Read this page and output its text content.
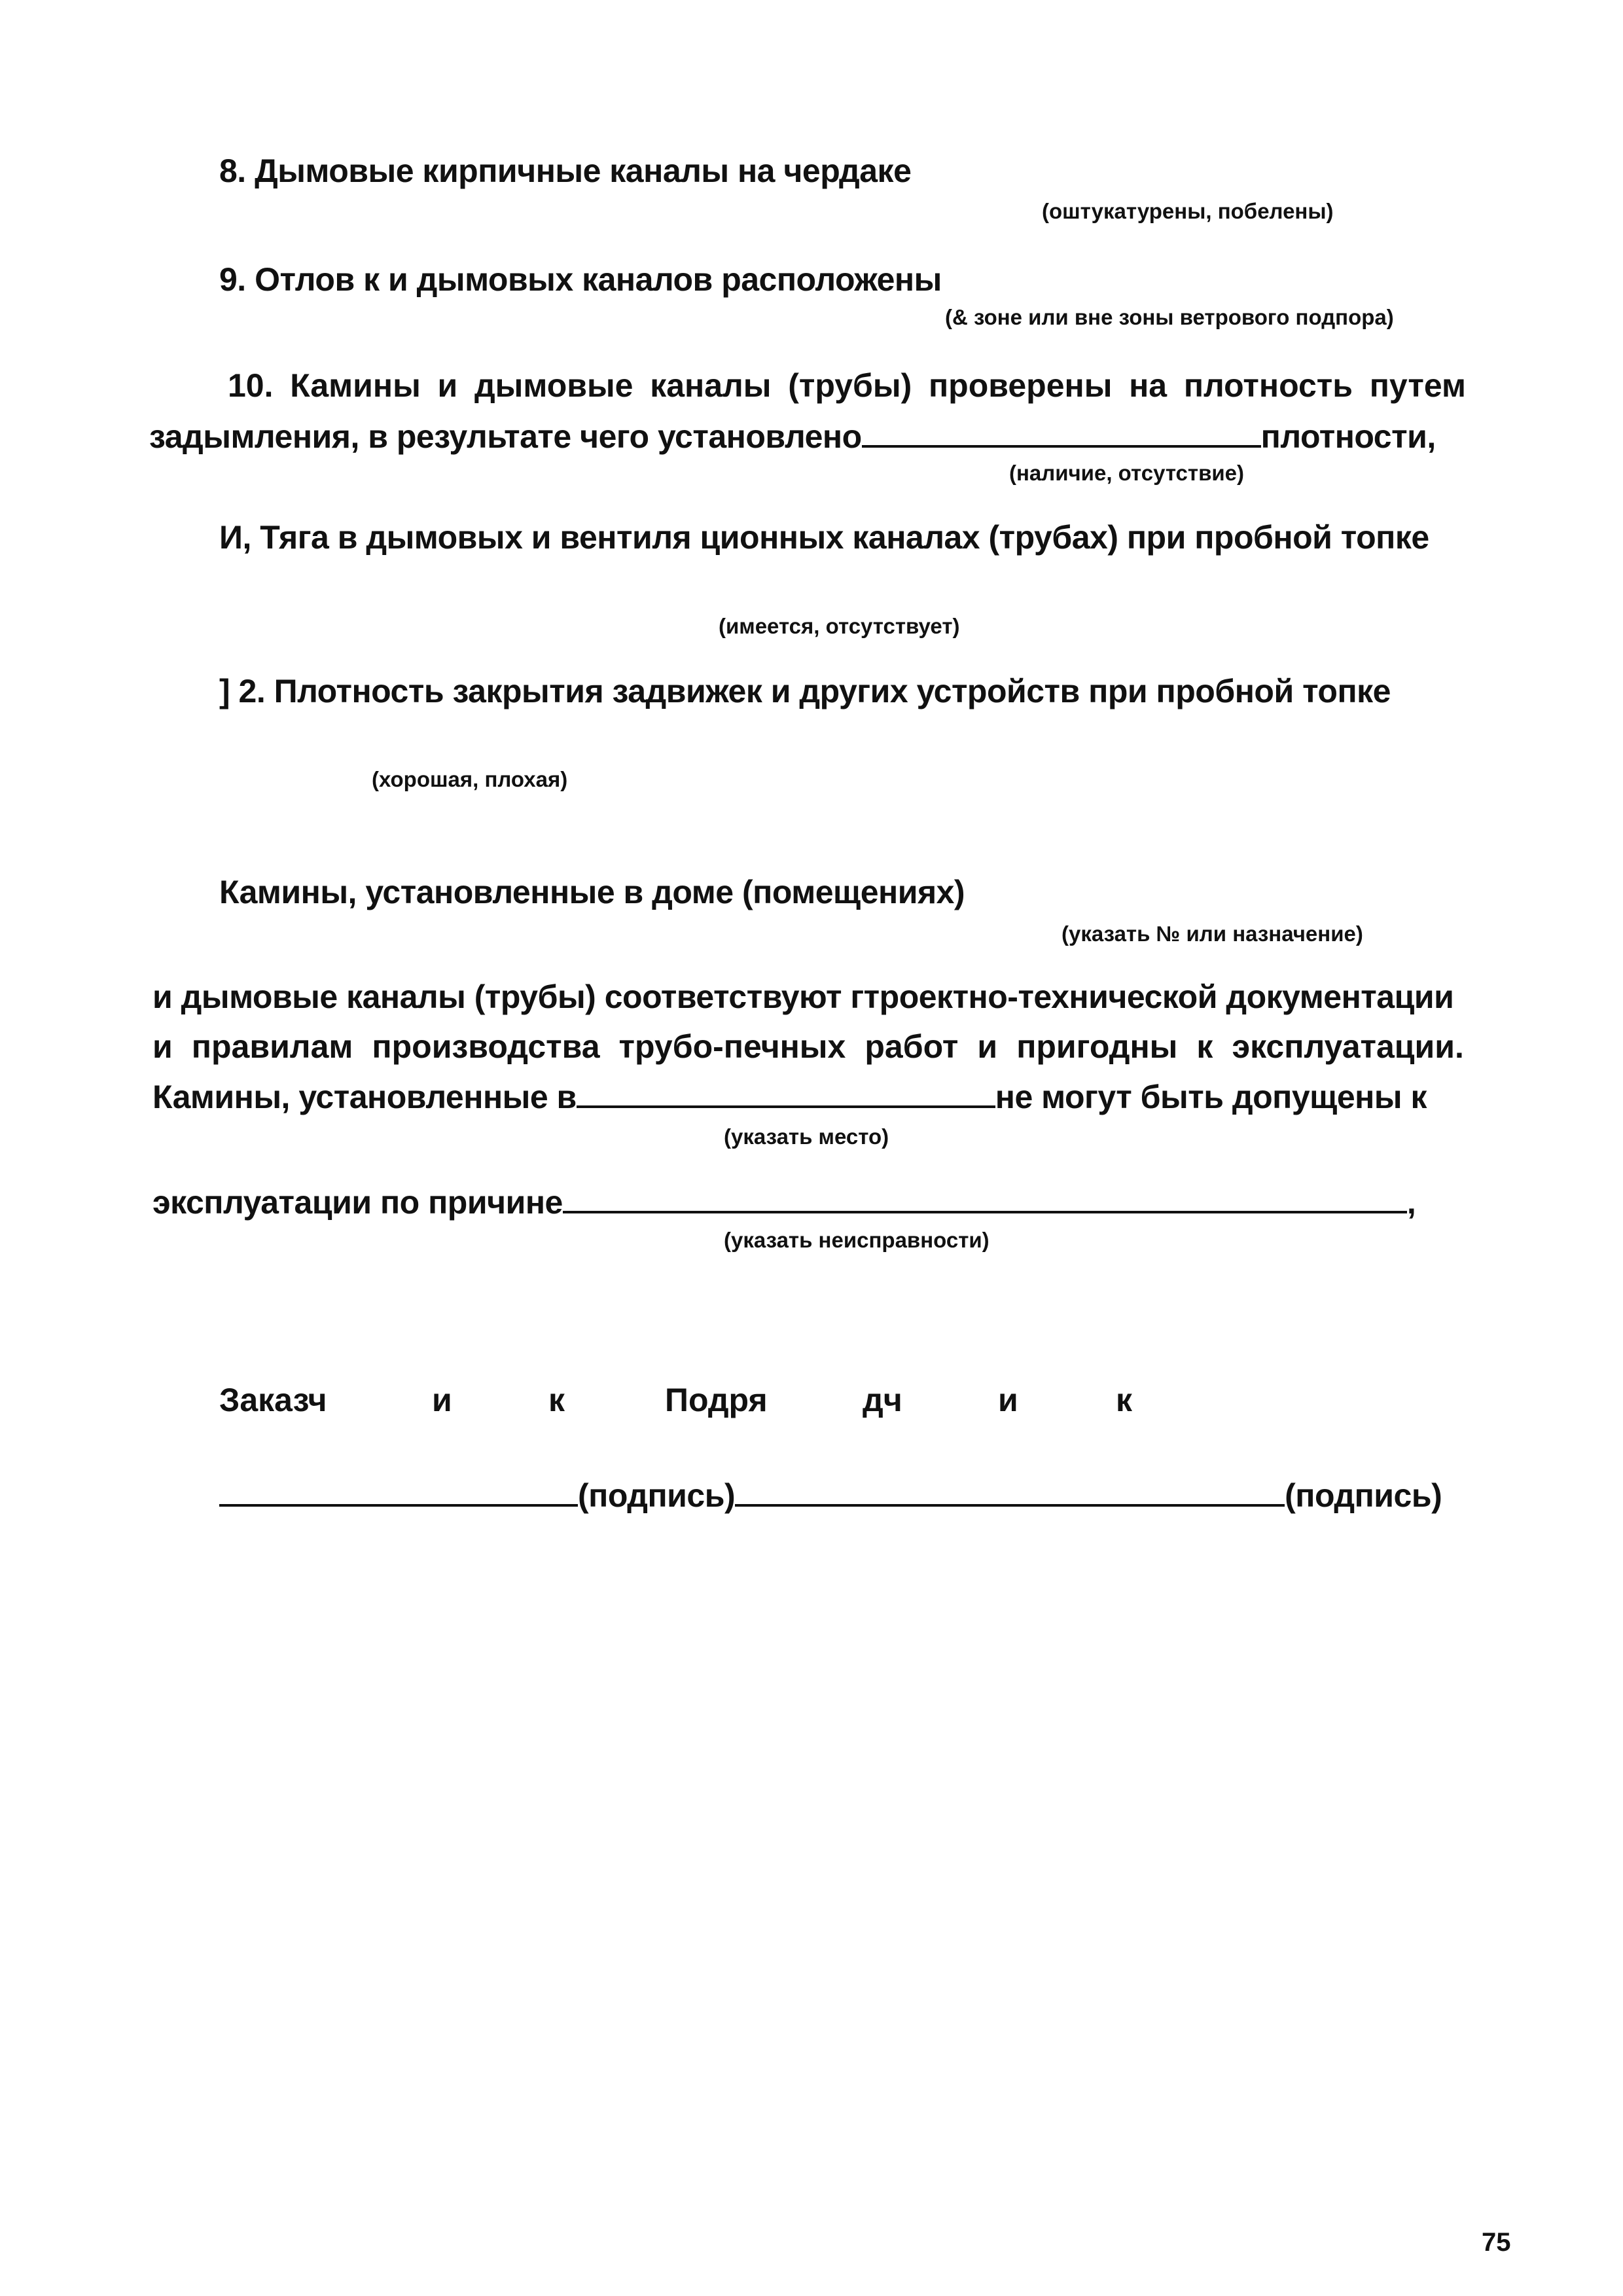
8. Дымовые кирпичные каналы на чердаке
(оштукатурены, побелены)
9. Отлов к и дымовых каналов расположены
(& зоне или вне зоны ветрового подпора)
10. Камины и дымовые каналы (трубы) проверены на плотность путем
задымления, в результате чего установлено	плотности,
(наличие, отсутствие)
И, Тяга в дымовых и вентиля ционных каналах (трубах) при пробной топке
(имеется, отсутствует)
] 2. Плотность закрытия задвижек и других устройств при пробной топке
(хорошая, плохая)
Камины, установленные в доме (помещениях)
(указать № или назначение)
и дымовые каналы (трубы) соответствуют гтроектно-технической документации
и правилам производства трубо-печных работ и пригодны к эксплуатации.
Камины, установленные в	не могут быть допущены к
(указать место)
эксплуатации по причине	,
(указать неисправности)
Заказч	и	к	Подря	дч	и	к
(подпись)	(подпись)
75
